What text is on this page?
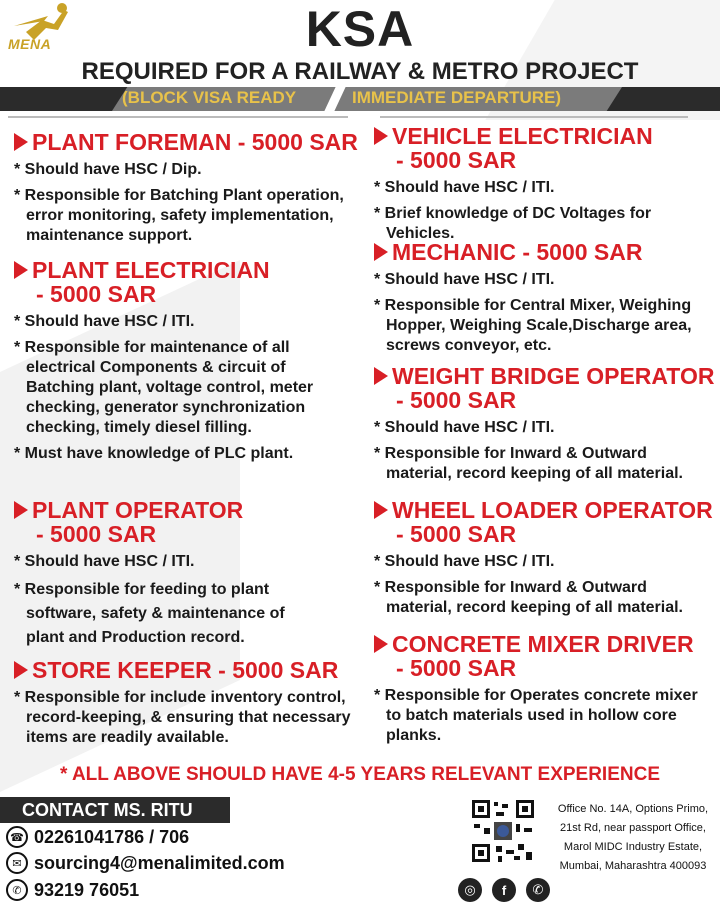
MENA	KSA
REQUIRED FOR A RAILWAY & METRO PROJECT
(BLOCK VISA READY	IMMEDIATE DEPARTURE)
PLANT FOREMAN - 5000 SAR
* Should have HSC / Dip.
* Responsible for Batching Plant operation, error monitoring, safety implementation, maintenance support.
PLANT ELECTRICIAN
- 5000 SAR
* Should have HSC / ITI.
* Responsible for maintenance of all electrical Components & circuit of Batching plant, voltage control, meter checking, generator synchronization checking, timely diesel filling.
* Must have knowledge of PLC plant.
PLANT OPERATOR
- 5000 SAR
* Should have HSC / ITI.
* Responsible for feeding to plant software, safety & maintenance of plant and Production record.
STORE KEEPER - 5000 SAR
* Responsible for include inventory control, record-keeping, & ensuring that necessary items are readily available.
VEHICLE ELECTRICIAN
- 5000 SAR
* Should have HSC / ITI.
* Brief knowledge of DC Voltages for Vehicles.
MECHANIC - 5000 SAR
* Should have HSC / ITI.
* Responsible for Central Mixer, Weighing Hopper, Weighing Scale,Discharge area, screws conveyor, etc.
WEIGHT BRIDGE OPERATOR
- 5000 SAR
* Should have HSC / ITI.
* Responsible for Inward & Outward material, record keeping of all material.
WHEEL LOADER OPERATOR
- 5000 SAR
* Should have HSC / ITI.
* Responsible for Inward & Outward material, record keeping of all material.
CONCRETE MIXER DRIVER
- 5000 SAR
* Responsible for Operates concrete mixer to batch materials used in hollow core planks.
* ALL ABOVE SHOULD HAVE 4-5 YEARS RELEVANT EXPERIENCE
CONTACT MS. RITU
☎ 02261041786 / 706
✉ sourcing4@menalimited.com
✆ 93219 76051
Office No. 14A, Options Primo,
21st Rd, near passport Office,
Marol MIDC Industry Estate,
Mumbai, Maharashtra 400093
◎	f	✆
